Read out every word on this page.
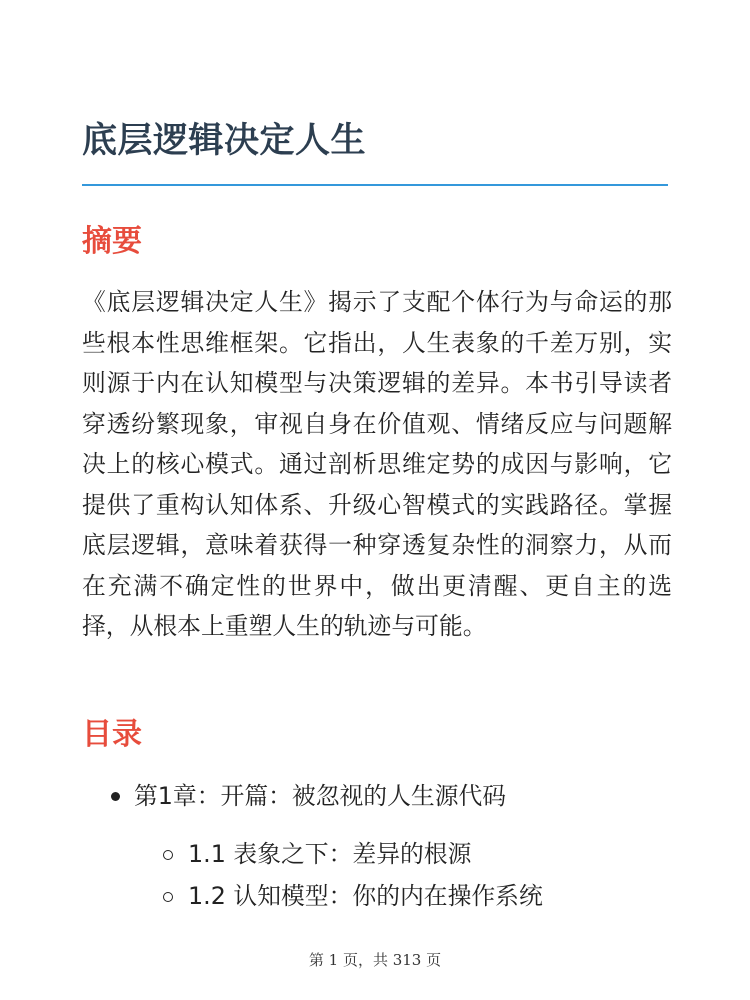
底层逻辑决定人生
摘要

《底层逻辑决定人生》揭示了支配个体行为与命运的那些根本性思维框架。它指出，人生表象的千差万别，实则源于内在认知模型与决策逻辑的差异。本书引导读者穿透纷繁现象，审视自身在价值观、情绪反应与问题解决上的核心模式。通过剖析思维定势的成因与影响，它提供了重构认知体系、升级心智模式的实践路径。掌握底层逻辑，意味着获得一种穿透复杂性的洞察力，从而在充满不确定性的世界中，做出更清醒、更自主的选择，从根本上重塑人生的轨迹与可能。

目录
第1章：开篇：被忽视的人生源代码
1.1 表象之下：差异的根源
1.2 认知模型：你的内在操作系统
第 1 页，共 313 页
